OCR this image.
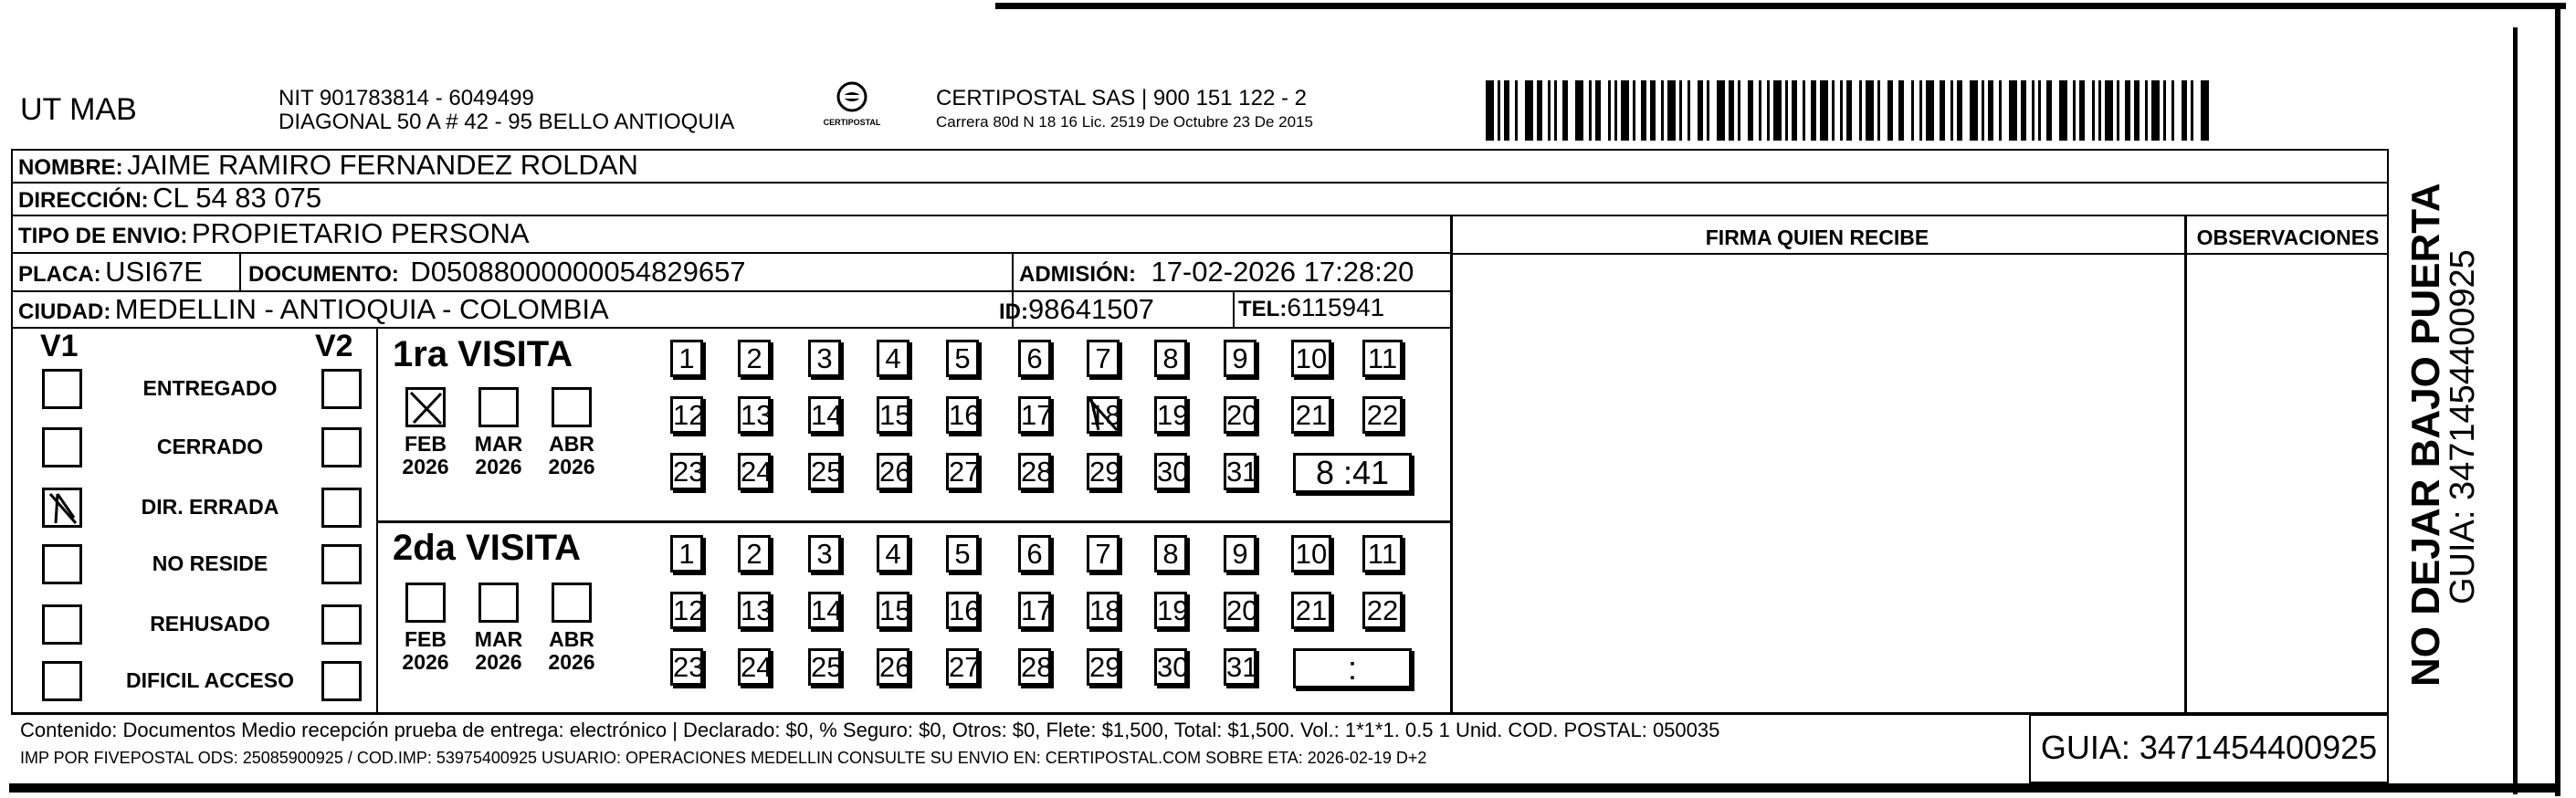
UT MAB	NIT 901783814 - 6049499
DIAGONAL 50 A # 42 - 95 BELLO ANTIOQUIA	CERTIPOSTAL
CERTIPOSTAL SAS | 900 151 122 - 2
Carrera 80d N 18 16 Lic. 2519 De Octubre 23 De 2015
NOMBRE: JAIME RAMIRO FERNANDEZ ROLDAN
DIRECCIÓN: CL 54 83 075
TIPO DE ENVIO: PROPIETARIO PERSONA
PLACA: USI67E DOCUMENTO: D05088000000054829657	ADMISIÓN: 17-02-2026 17:28:20
CIUDAD: MEDELLIN - ANTIOQUIA - COLOMBIA	ID:98641507	TEL:6115941
FIRMA QUIEN RECIBE	OBSERVACIONES
V1	V2
ENTREGADO
CERRADO
DIR. ERRADA
NO RESIDE
REHUSADO
DIFICIL ACCESO
1ra VISITA
2da VISITA
FEB
2026
MAR
2026
ABR
2026
1	2	3	4	5	6	7	8	9	10 11
12 13 14 15 16 17 18 19 20 21 22
23 24 25 26 27 28 29 30 31	8 :41
FEB
2026
MAR
2026
ABR
2026
1	2	3	4	5	6	7	8	9	10 11
12 13 14 15 16 17 18 19 20 21 22
23 24 25 26 27 28 29 30 31	:
Contenido: Documentos Medio recepción prueba de entrega: electrónico | Declarado: $0, % Seguro: $0, Otros: $0, Flete: $1,500, Total: $1,500. Vol.: 1*1*1. 0.5 1 Unid. COD. POSTAL: 050035
IMP POR FIVEPOSTAL ODS: 25085900925 / COD.IMP: 53975400925 USUARIO: OPERACIONES MEDELLIN CONSULTE SU ENVIO EN: CERTIPOSTAL.COM SOBRE ETA: 2026-02-19 D+2	GUIA: 3471454400925
NO DEJAR BAJO PUERTA
GUIA: 3471454400925
